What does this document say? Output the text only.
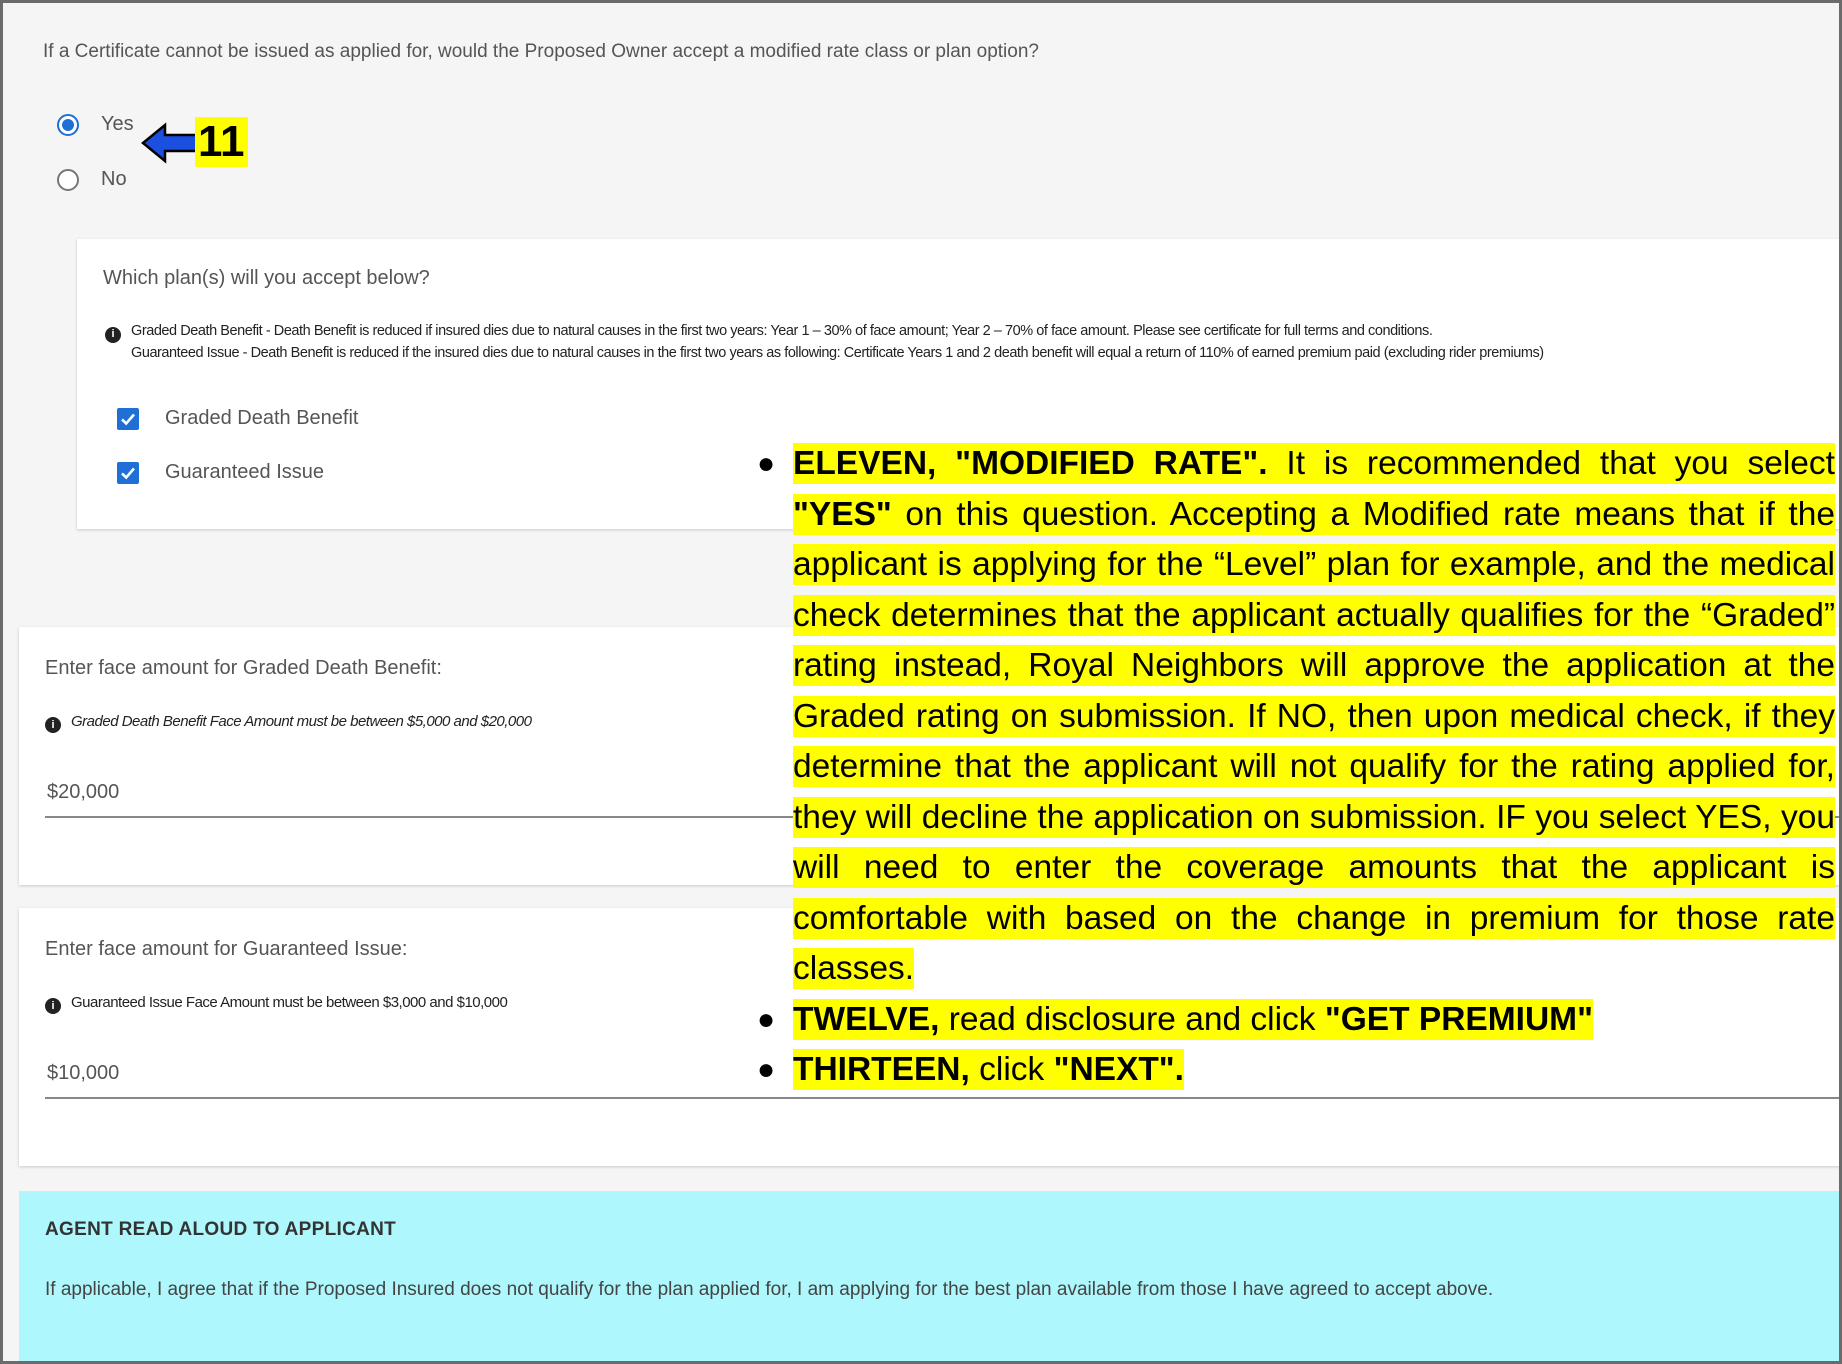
If a Certificate cannot be issued as applied for, would the Proposed Owner accept a modified rate class or plan option?
Yes
No
11
Which plan(s) will you accept below?
i Graded Death Benefit - Death Benefit is reduced if insured dies due to natural causes in the first two years: Year 1 – 30% of face amount; Year 2 – 70% of face amount. Please see certificate for full terms and conditions.
Guaranteed Issue - Death Benefit is reduced if the insured dies due to natural causes in the first two years as following: Certificate Years 1 and 2 death benefit will equal a return of 110% of earned premium paid (excluding rider premiums)
Graded Death Benefit
Guaranteed Issue
Enter face amount for Graded Death Benefit:
i Graded Death Benefit Face Amount must be between $5,000 and $20,000
$20,000
Enter face amount for Guaranteed Issue:
i Guaranteed Issue Face Amount must be between $3,000 and $10,000
$10,000
AGENT READ ALOUD TO APPLICANT
If applicable, I agree that if the Proposed Insured does not qualify for the plan applied for, I am applying for the best plan available from those I have agreed to accept above.
● ELEVEN, "MODIFIED RATE". It is recommended that you select "YES" on this question. Accepting a Modified rate means that if the applicant is applying for the “Level” plan for example, and the medical check determines that the applicant actually qualifies for the “Graded” rating instead, Royal Neighbors will approve the application at the Graded rating on submission. If NO, then upon medical check, if they determine that the applicant will not qualify for the rating applied for, they will decline the application on submission. IF you select YES, you will need to enter the coverage amounts that the applicant is comfortable with based on the change in premium for those rate classes.
● TWELVE, read disclosure and click "GET PREMIUM"
● THIRTEEN, click "NEXT".
